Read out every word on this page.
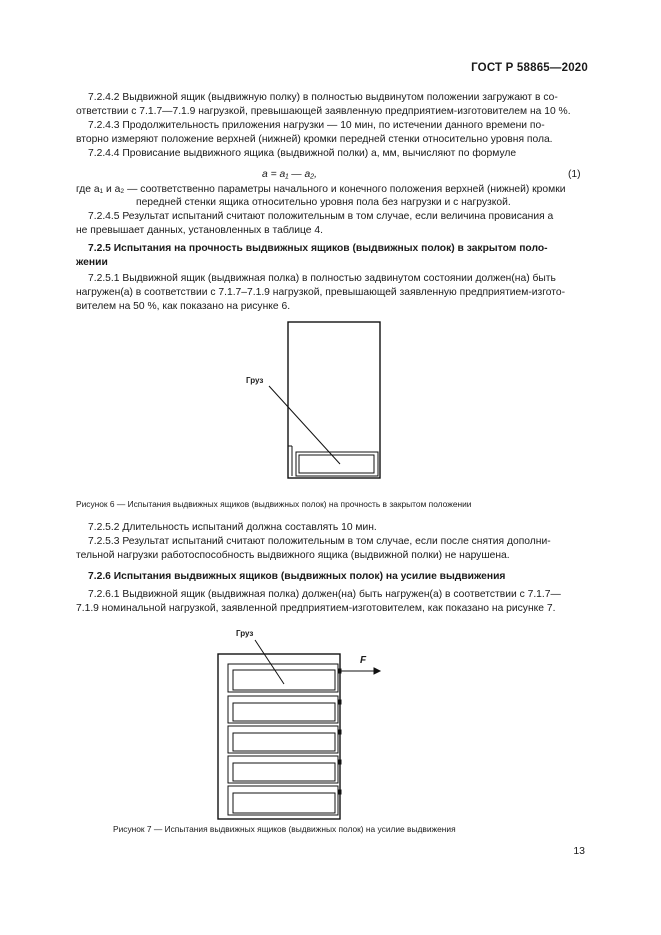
ГОСТ Р 58865—2020
7.2.4.2 Выдвижной ящик (выдвижную полку) в полностью выдвинутом положении загружают в со-
ответствии с 7.1.7—7.1.9 нагрузкой, превышающей заявленную предприятием-изготовителем на 10 %.
7.2.4.3 Продолжительность приложения нагрузки — 10 мин, по истечении данного времени по-
вторно измеряют положение верхней (нижней) кромки передней стенки относительно уровня пола.
7.2.4.4 Провисание выдвижного ящика (выдвижной полки) a, мм, вычисляют по формуле
a = a₁ — a₂,	(1)
где a₁ и a₂ — соответственно параметры начального и конечного положения верхней (нижней) кромки
передней стенки ящика относительно уровня пола без нагрузки и с нагрузкой.
7.2.4.5 Результат испытаний считают положительным в том случае, если величина провисания a
не превышает данных, установленных в таблице 4.
7.2.5 Испытания на прочность выдвижных ящиков (выдвижных полок) в закрытом поло-
жении
7.2.5.1 Выдвижной ящик (выдвижная полка) в полностью задвинутом состоянии должен(на) быть
нагружен(а) в соответствии с 7.1.7–7.1.9 нагрузкой, превышающей заявленную предприятием-изгото-
вителем на 50 %, как показано на рисунке 6.
Груз
Рисунок 6 — Испытания выдвижных ящиков (выдвижных полок) на прочность в закрытом положении
7.2.5.2 Длительность испытаний должна составлять 10 мин.
7.2.5.3 Результат испытаний считают положительным в том случае, если после снятия дополни-
тельной нагрузки работоспособность выдвижного ящика (выдвижной полки) не нарушена.
7.2.6 Испытания выдвижных ящиков (выдвижных полок) на усилие выдвижения
7.2.6.1 Выдвижной ящик (выдвижная полка) должен(на) быть нагружен(а) в соответствии с 7.1.7—
7.1.9 номинальной нагрузкой, заявленной предприятием-изготовителем, как показано на рисунке 7.
Груз
F
Рисунок 7 — Испытания выдвижных ящиков (выдвижных полок) на усилие выдвижения
13
